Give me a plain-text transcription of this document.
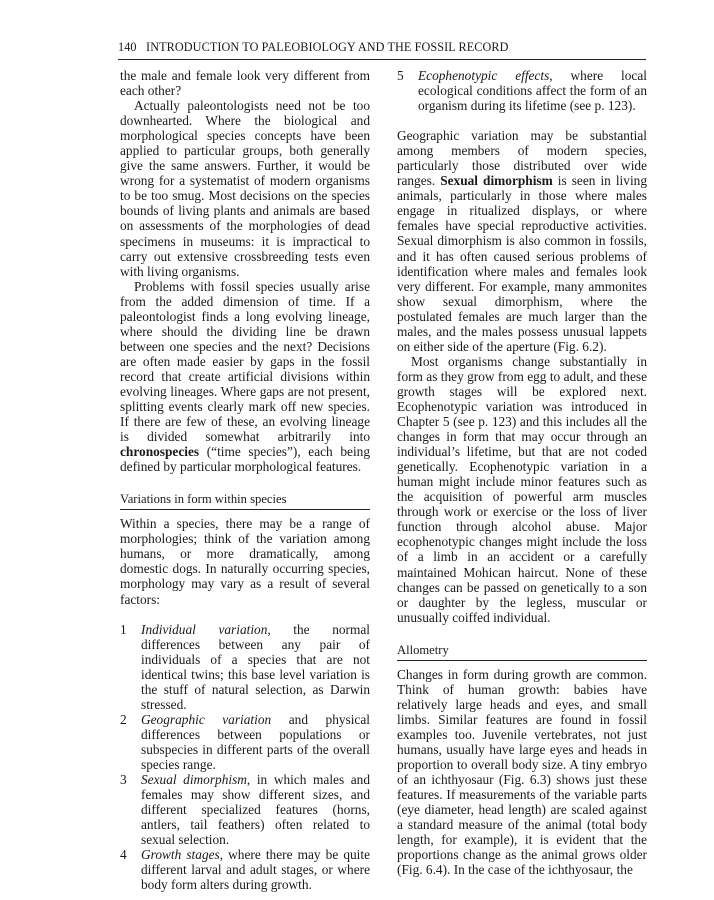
140 INTRODUCTION TO PALEOBIOLOGY AND THE FOSSIL RECORD

the male and female look very different from each other?

Actually paleontologists need not be too downhearted. Where the biological and morphological species concepts have been applied to particular groups, both generally give the same answers. Further, it would be wrong for a systematist of modern organisms to be too smug. Most decisions on the species bounds of living plants and animals are based on assessments of the morphologies of dead specimens in museums: it is impractical to carry out extensive crossbreeding tests even with living organisms.

Problems with fossil species usually arise from the added dimension of time. If a paleontologist finds a long evolving lineage, where should the dividing line be drawn between one species and the next? Decisions are often made easier by gaps in the fossil record that create artificial divisions within evolving lineages. Where gaps are not present, splitting events clearly mark off new species. If there are few of these, an evolving lineage is divided somewhat arbitrarily into chronospecies (“time species”), each being defined by particular morphological features.

Variations in form within species

Within a species, there may be a range of morphologies; think of the variation among humans, or more dramatically, among domestic dogs. In naturally occurring species, morphology may vary as a result of several factors:

1 Individual variation, the normal differences between any pair of individuals of a species that are not identical twins; this base level variation is the stuff of natural selection, as Darwin stressed.
2 Geographic variation and physical differences between populations or subspecies in different parts of the overall species range.
3 Sexual dimorphism, in which males and females may show different sizes, and different specialized features (horns, antlers, tail feathers) often related to sexual selection.
4 Growth stages, where there may be quite different larval and adult stages, or where body form alters during growth.
5 Ecophenotypic effects, where local ecological conditions affect the form of an organism during its lifetime (see p. 123).

Geographic variation may be substantial among members of modern species, particularly those distributed over wide ranges. Sexual dimorphism is seen in living animals, particularly in those where males engage in ritualized displays, or where females have special reproductive activities. Sexual dimorphism is also common in fossils, and it has often caused serious problems of identification where males and females look very different. For example, many ammonites show sexual dimorphism, where the postulated females are much larger than the males, and the males possess unusual lappets on either side of the aperture (Fig. 6.2).

Most organisms change substantially in form as they grow from egg to adult, and these growth stages will be explored next. Ecophenotypic variation was introduced in Chapter 5 (see p. 123) and this includes all the changes in form that may occur through an individual’s lifetime, but that are not coded genetically. Ecophenotypic variation in a human might include minor features such as the acquisition of powerful arm muscles through work or exercise or the loss of liver function through alcohol abuse. Major ecophenotypic changes might include the loss of a limb in an accident or a carefully maintained Mohican haircut. None of these changes can be passed on genetically to a son or daughter by the legless, muscular or unusually coiffed individual.

Allometry

Changes in form during growth are common. Think of human growth: babies have relatively large heads and eyes, and small limbs. Similar features are found in fossil examples too. Juvenile vertebrates, not just humans, usually have large eyes and heads in proportion to overall body size. A tiny embryo of an ichthyosaur (Fig. 6.3) shows just these features. If measurements of the variable parts (eye diameter, head length) are scaled against a standard measure of the animal (total body length, for example), it is evident that the proportions change as the animal grows older (Fig. 6.4). In the case of the ichthyosaur, the
